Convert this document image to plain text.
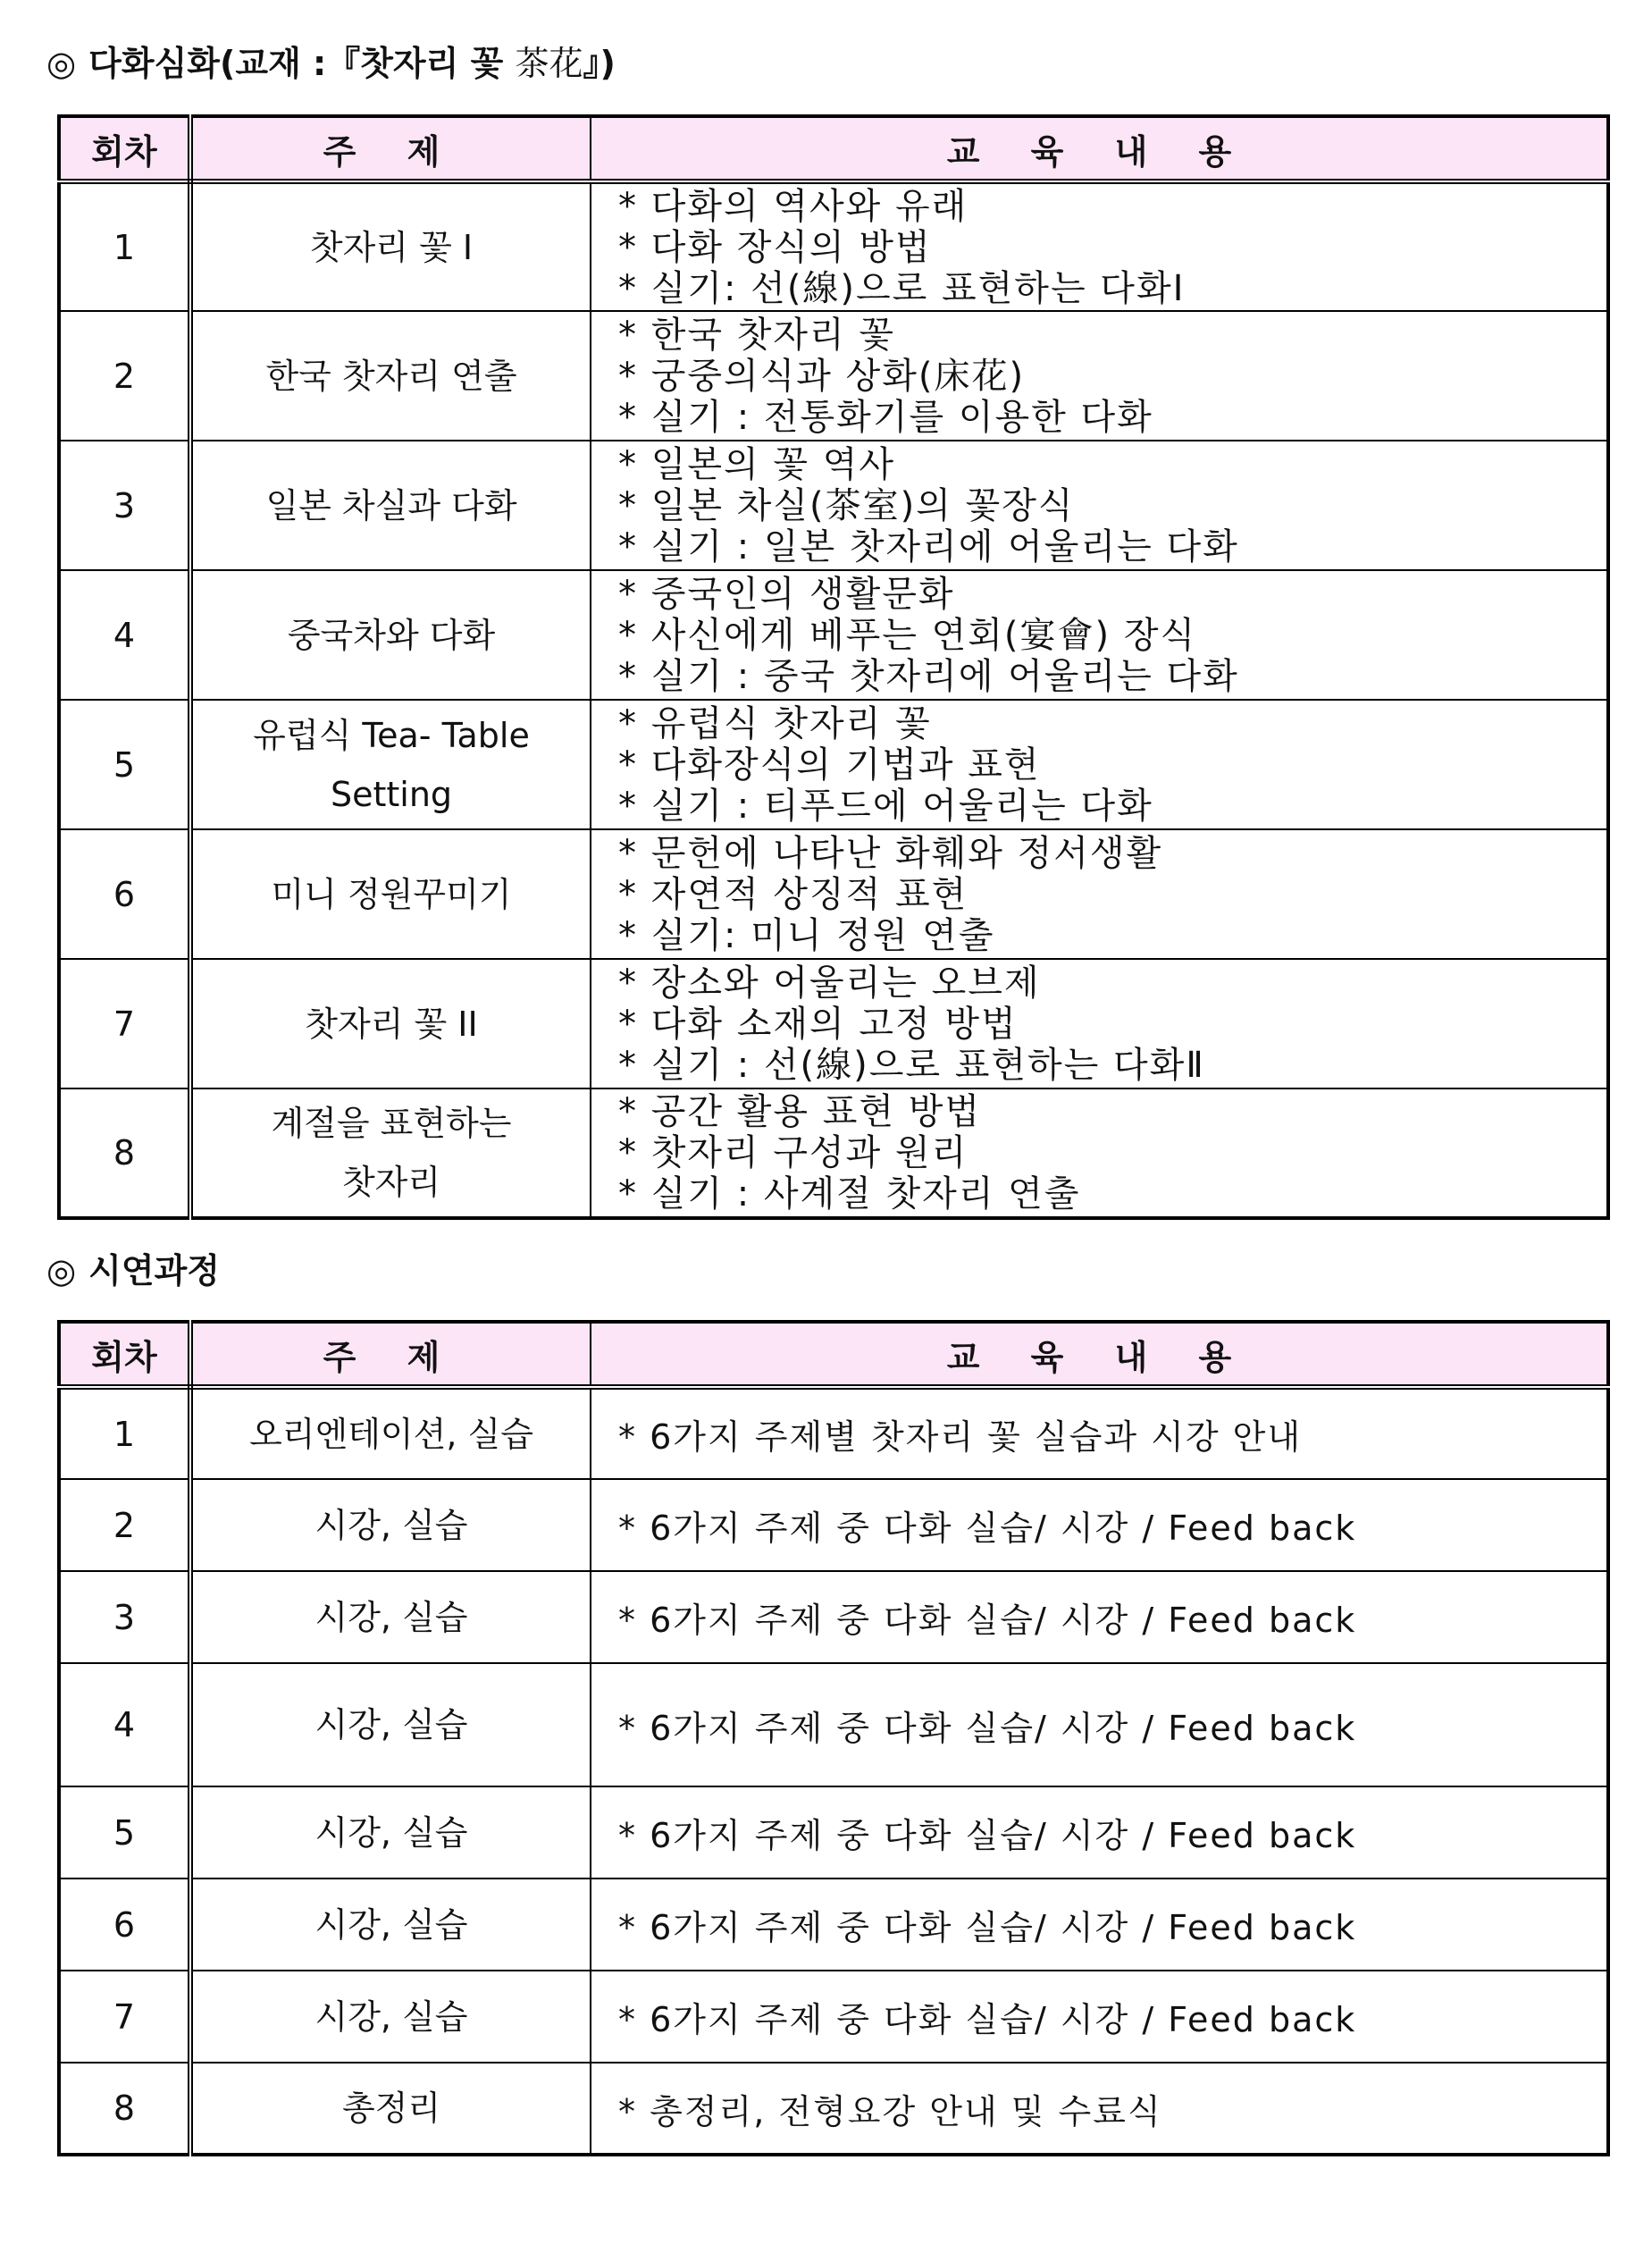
◎ 다화심화(교재 :『찻자리 꽃 茶花』)
회차	주 제	교 육 내 용
1	찻자리 꽃 I	* 다화의 역사와 유래
* 다화 장식의 방법
* 실기: 선(線)으로 표현하는 다화Ⅰ

2	한국 찻자리 연출	* 한국 찻자리 꽃
* 궁중의식과 상화(床花)
* 실기 : 전통화기를 이용한 다화

3	일본 차실과 다화	* 일본의 꽃 역사
* 일본 차실(茶室)의 꽃장식
* 실기 : 일본 찻자리에 어울리는 다화

4	중국차와 다화	* 중국인의 생활문화
* 사신에게 베푸는 연회(宴會) 장식
* 실기 : 중국 찻자리에 어울리는 다화

5	유럽식 Tea- Table
Setting	* 유럽식 찻자리 꽃
* 다화장식의 기법과 표현
* 실기 : 티푸드에 어울리는 다화

6	미니 정원꾸미기	* 문헌에 나타난 화훼와 정서생활
* 자연적 상징적 표현
* 실기: 미니 정원 연출

7	찻자리 꽃 II	* 장소와 어울리는 오브제
* 다화 소재의 고정 방법
* 실기 : 선(線)으로 표현하는 다화Ⅱ

8	계절을 표현하는
찻자리	* 공간 활용 표현 방법
* 찻자리 구성과 원리
* 실기 : 사계절 찻자리 연출
◎ 시연과정
회차	주 제	교 육 내 용
1	오리엔테이션, 실습	* 6가지 주제별 찻자리 꽃 실습과 시강 안내
2	시강, 실습	* 6가지 주제 중 다화 실습/ 시강 / Feed back
3	시강, 실습	* 6가지 주제 중 다화 실습/ 시강 / Feed back
4	시강, 실습	* 6가지 주제 중 다화 실습/ 시강 / Feed back
5	시강, 실습	* 6가지 주제 중 다화 실습/ 시강 / Feed back
6	시강, 실습	* 6가지 주제 중 다화 실습/ 시강 / Feed back
7	시강, 실습	* 6가지 주제 중 다화 실습/ 시강 / Feed back
8	총정리	* 총정리, 전형요강 안내 및 수료식
